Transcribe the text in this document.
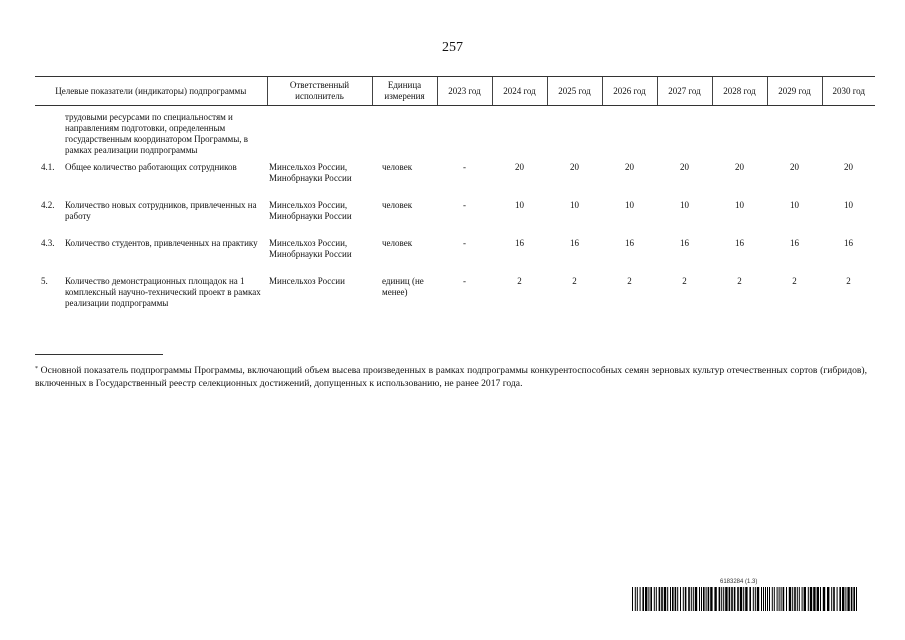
257
Целевые показатели (индикаторы) подпрограммы	Ответственный исполнитель	Единица измерения	2023 год	2024 год	2025 год	2026 год	2027 год	2028 год	2029 год	2030 год
трудовыми ресурсами по специальностям и направлениям подготовки, определенным государственным координатором Программы, в рамках реализации подпрограммы										

4.1. Общее количество работающих сотрудников	Минсельхоз России, Минобрнауки России	человек	-	20	20	20	20	20	20	20

4.2. Количество новых сотрудников, привлеченных на работу	Минсельхоз России, Минобрнауки России	человек	-	10	10	10	10	10	10	10

4.3. Количество студентов, привлеченных на практику	Минсельхоз России, Минобрнауки России	человек	-	16	16	16	16	16	16	16

5. Количество демонстрационных площадок на 1 комплексный научно-технический проект в рамках реализации подпрограммы	Минсельхоз России	единиц (не менее)	-	2	2	2	2	2	2	2
* Основной показатель подпрограммы Программы, включающий объем высева произведенных в рамках подпрограммы конкурентоспособных семян зерновых культур отечественных сортов (гибридов), включенных в Государственный реестр селекционных достижений, допущенных к использованию, не ранее 2017 года.
6183284 (1.3)
